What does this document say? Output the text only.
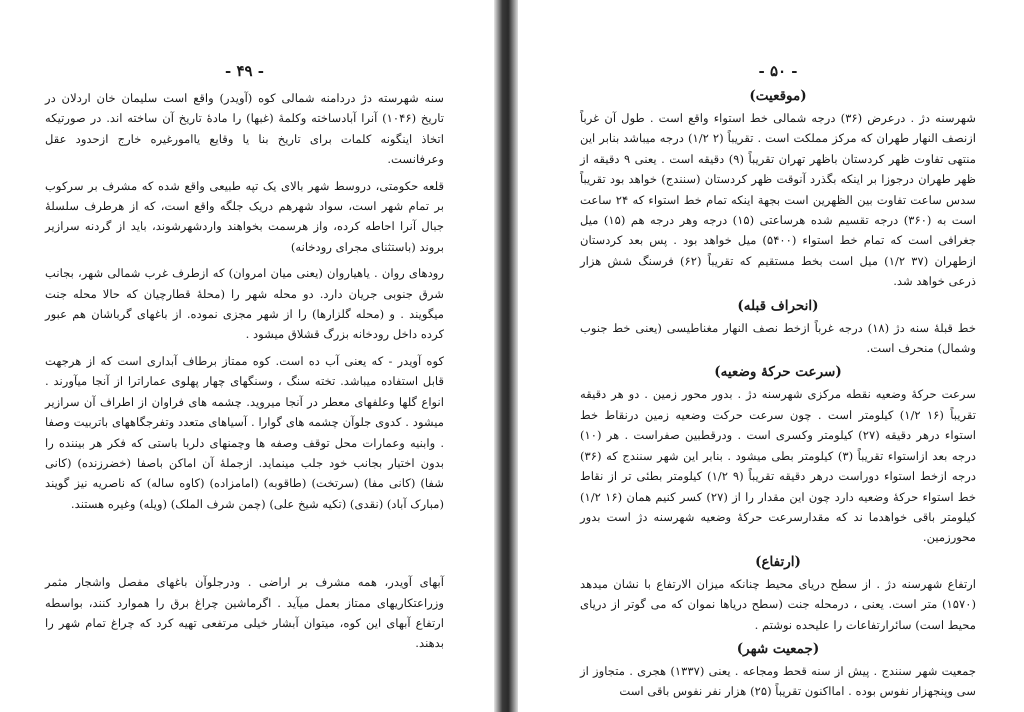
- ۴۹ -

سنه شهرسته دژ دردامنه شمالی کوه (آویدر) واقع است سلیمان خان اردلان در تاریخ (۱۰۴۶) آنرا آبادساخته وکلمهٔ (غبها) را مادهٔ تاریخ آن ساخته اند. در صورتیکه اتخاذ اینگونه کلمات برای تاریخ بنا یا وقایع یاامورغیره خارج ازحدود عقل وعرفانست.

قلعه حکومتی، دروسط شهر بالای یک تپه طبیعی واقع شده که مشرف بر سرکوب بر تمام شهر است، سواد شهرهم دریک جلگه واقع است، که از هرطرف سلسلهٔ جبال آنرا احاطه کرده، واز هرسمت بخواهند واردشهرشوند، باید از گردنه سرازیر بروند (باستثنای مجرای رودخانه)

رودهای روان . یاهیاروان (یعنی میان امروان) که ازطرف غرب شمالی شهر، بجانب شرق جنوبی جریان دارد. دو محله شهر را (محلهٔ قطارچیان که حالا محله جنت میگویند . و (محله گلزارها) را از شهر مجزی نموده. از باغهای گرباشان هم عبور کرده داخل رودخانه بزرگ قشلاق میشود .

کوه آویدر - که یعنی آب ده است. کوه ممتاز برطاف آبداری است که از هرجهت قابل استفاده میباشد. تخته سنگ ، وسنگهای چهار پهلوی عماراترا از آنجا میآورند . انواع گلها وعلفهای معطر در آنجا میروید. چشمه های فراوان از اطراف آن سرازیر میشود . کدوی جلوآن چشمه های گوارا . آسیاهای متعدد وتفرجگاههای باتربیت وصفا . وابنیه وعمارات محل توقف وصفه ها وچمنهای دلربا باستی که فکر هر بیننده را بدون اختیار بجانب خود جلب مینماید. ازجملهٔ آن اماکن باصفا (خضرزنده) (کانی شفا) (کانی مفا) (سرتخت) (طاقوبه) (امامزاده) (کاوه ساله) که ناصریه نیز گویند (مبارک آباد) (نقدی) (تکیه شیخ علی) (چمن شرف الملک) (ویله) وغیره هستند.

آبهای آویدر، همه مشرف بر اراضی . ودرجلوآن باغهای مفصل واشجار مثمر وزراعتکاریهای ممتاز بعمل میآید . اگرماشین چراغ برق را هموارد کنند، بواسطه ارتفاع آبهای این کوه، میتوان آبشار خیلی مرتفعی تهیه کرد که چراغ تمام شهر را بدهند.

- ۵۰ -
(موقعیت)

شهرسنه دژ . درعرض (۳۶) درجه شمالی خط استواء واقع است . طول آن غرباً ازنصف النهار طهران که مرکز مملکت است . تقریباً (۲ ۱/۲) درجه میباشد بنابر این منتهی تفاوت ظهر کردستان باظهر تهران تقریباً (۹) دقیقه است . یعنی ۹ دقیقه از ظهر طهران درجوزا بر اینکه بگذرد آنوقت ظهر کردستان (سنندج) خواهد بود تقریباً سدس ساعت تفاوت بین الظهرین است بجهة اینکه تمام خط استواء که ۲۴ ساعت است به (۳۶۰) درجه تقسیم شده هرساعتی (۱۵) درجه وهر درجه هم (۱۵) میل جغرافی است که تمام خط استواء (۵۴۰۰) میل خواهد بود . پس بعد کردستان ازطهران (۳۷ ۱/۲) میل است بخط مستقیم که تقریباً (۶۲) فرسنگ شش هزار ذرعی خواهد شد.

(انحراف قبله)

خط قبلهٔ سنه دژ (۱۸) درجه غرباً ازخط نصف النهار مغناطیسی (یعنی خط جنوب وشمال) منحرف است.

(سرعت حرکهٔ وضعیه)

سرعت حرکهٔ وضعیه نقطه مرکزی شهرسنه دژ . بدور محور زمین . دو هر دقیقه تقریباً (۱۶ ۱/۲) کیلومتر است . چون سرعت حرکت وضعیه زمین درنقاط خط استواء درهر دقیقه (۲۷) کیلومتر وکسری است . ودرقطبین صفراست . هر (۱۰) درجه بعد ازاستواء تقریباً (۳) کیلومتر بطی میشود . بنابر این شهر سنندج که (۳۶) درجه ازخط استواء دوراست درهر دقیقه تقریباً (۹ ۱/۲) کیلومتر بطئی تر از نقاط خط استواء حرکهٔ وضعیه دارد چون این مقدار را از (۲۷) کسر کنیم همان (۱۶ ۱/۲) کیلومتر باقی خواهدما ند که مقدارسرعت حرکهٔ وضعیه شهرسنه دژ است بدور محورزمین.

(ارتفاع)

ارتفاع شهرسنه دژ . از سطح دریای محیط چنانکه میزان الارتفاع با نشان میدهد (۱۵۷۰) متر است. یعنی ، درمحله جنت (سطح دریاها نموان که می گوتر از دریای محیط است) سائرارتفاعات را علیحده نوشتم .

(جمعیت شهر)

جمعیت شهر سنندج . پیش از سنه قحط ومجاعه . یعنی (۱۳۳۷) هجری . متجاوز از سی وپنجهزار نفوس بوده . امااکنون تقریباً (۲۵) هزار نفر نفوس باقی است
